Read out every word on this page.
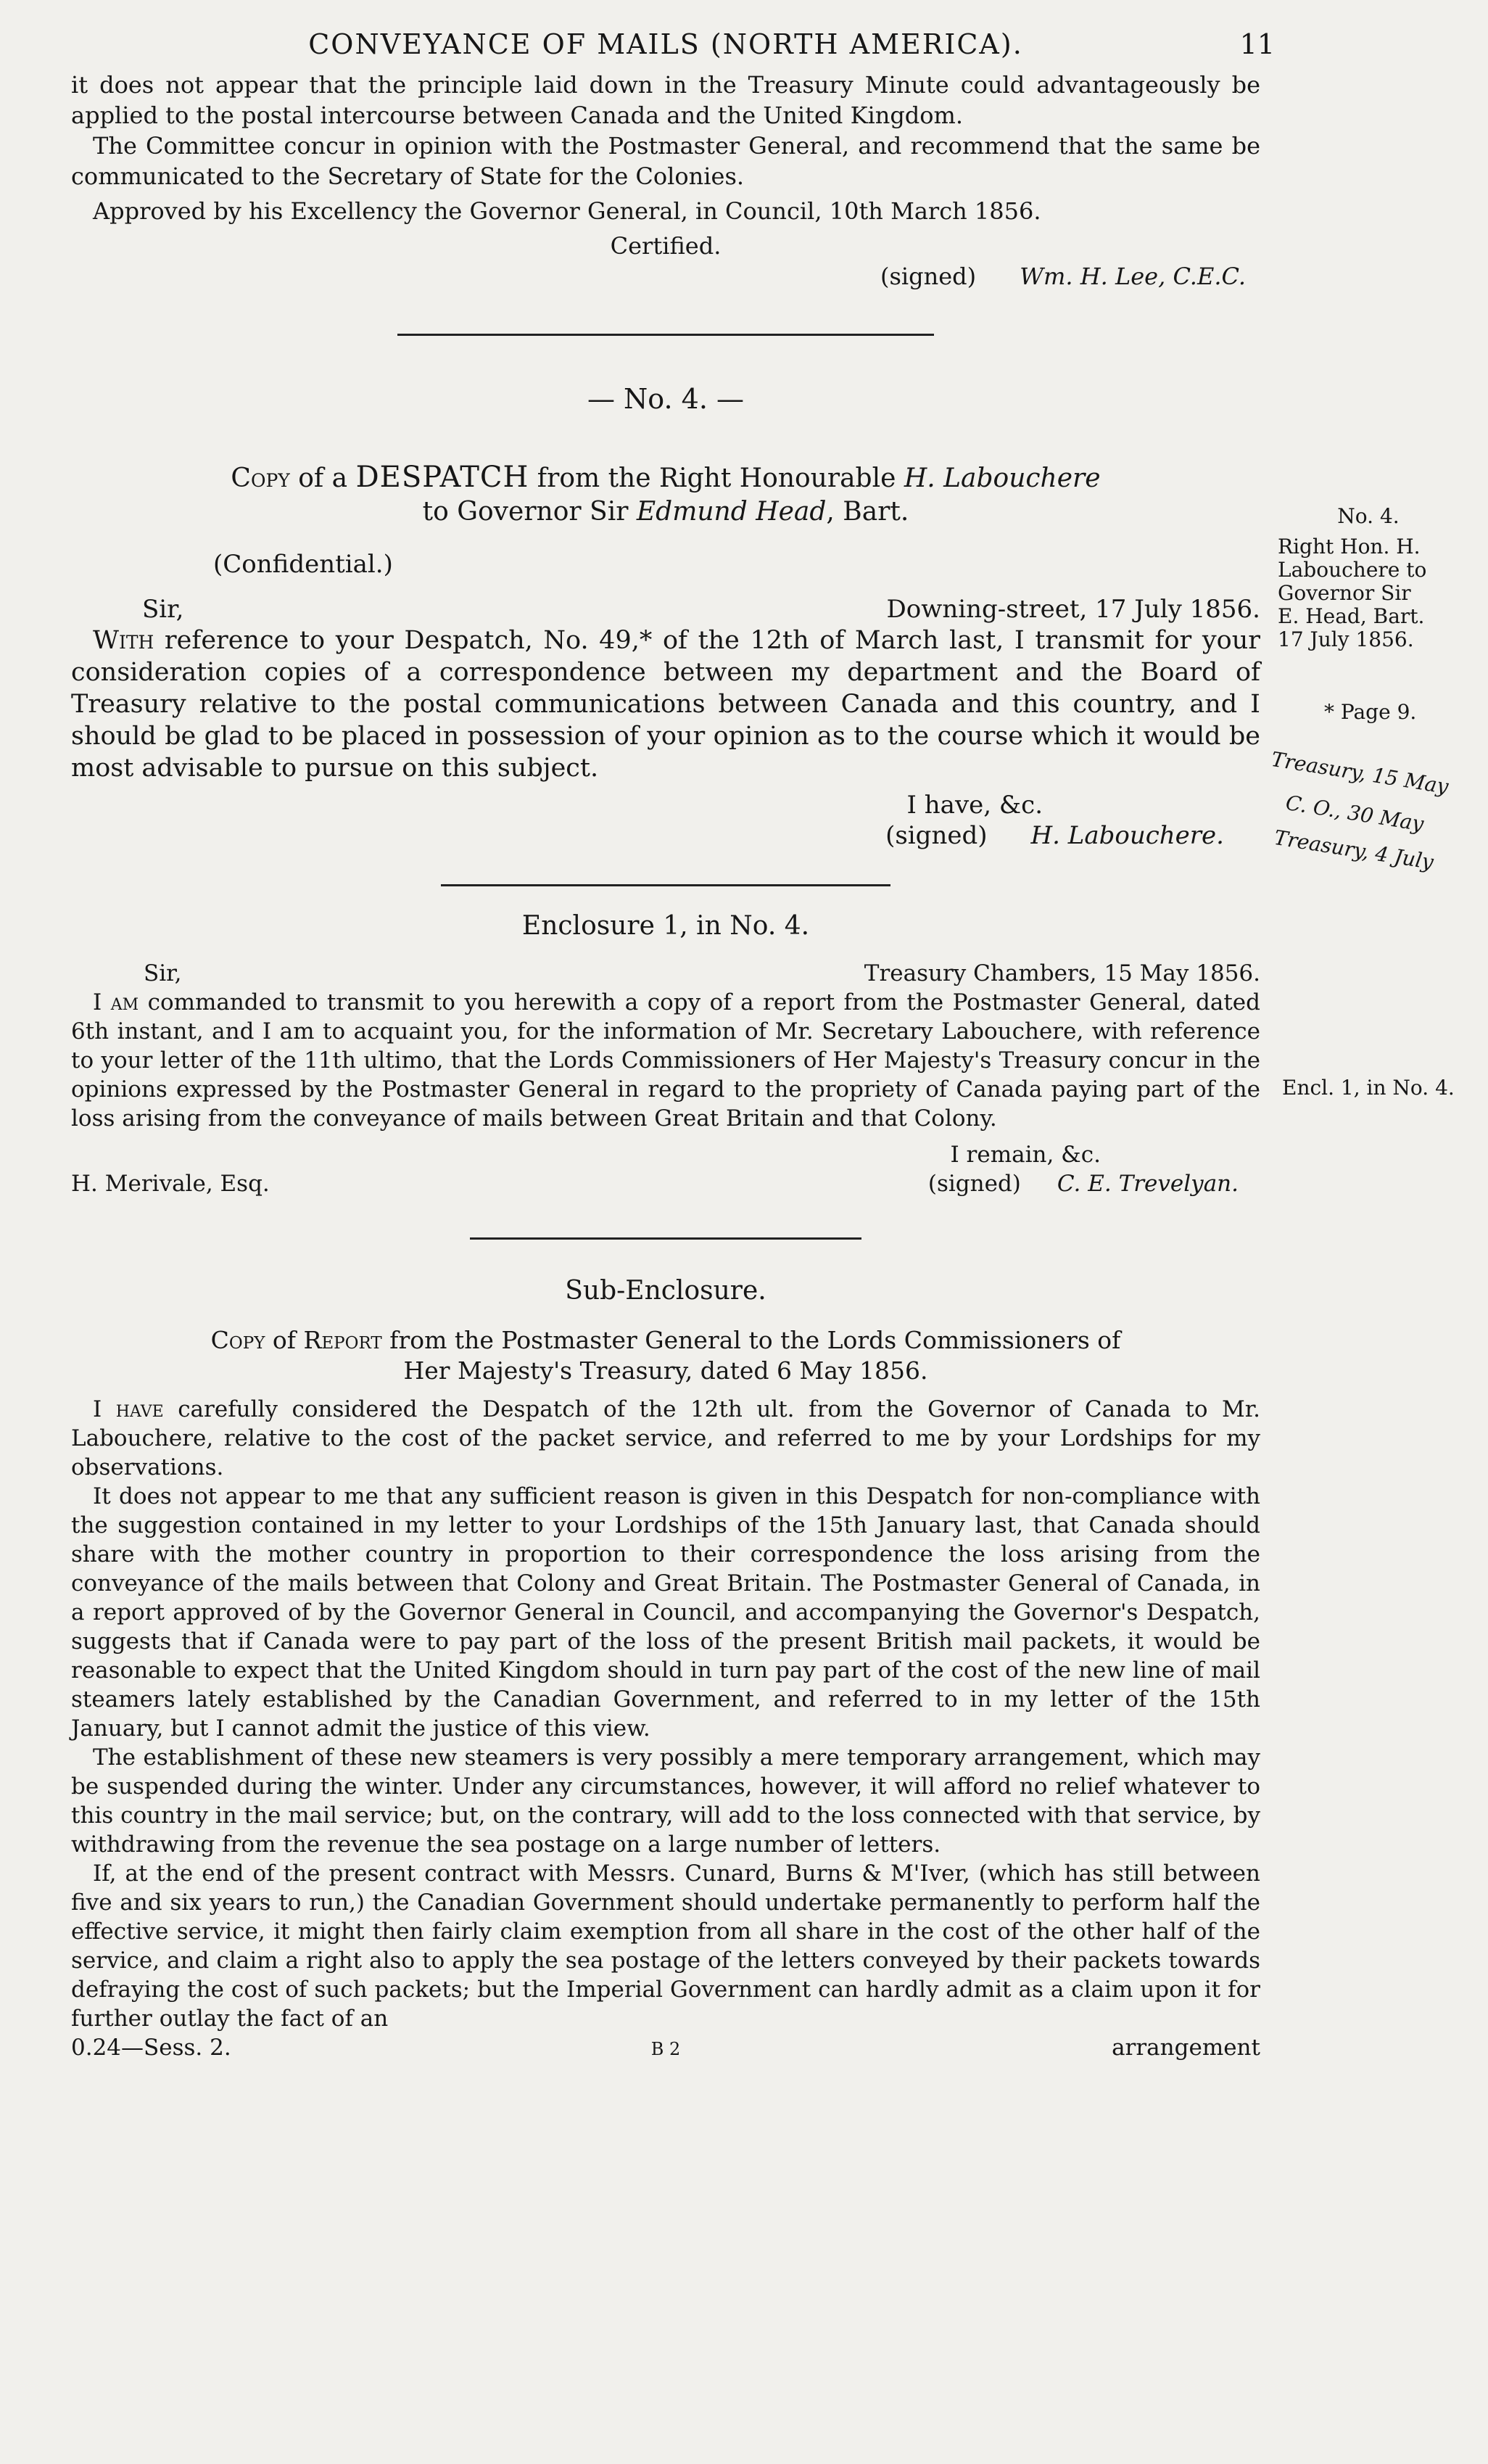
CONVEYANCE OF MAILS (NORTH AMERICA).	11

it does not appear that the principle laid down in the Treasury Minute could advantageously be applied to the postal intercourse between Canada and the United Kingdom.

The Committee concur in opinion with the Postmaster General, and recommend that the same be communicated to the Secretary of State for the Colonies.

Approved by his Excellency the Governor General, in Council, 10th March 1856.

Certified.

(signed) Wm. H. Lee, C.E.C.
— No. 4. —
Copy of a DESPATCH from the Right Honourable H. Labouchere
to Governor Sir Edmund Head, Bart.
(Confidential.)
Sir,	Downing-street, 17 July 1856.

With reference to your Despatch, No. 49,* of the 12th of March last, I transmit for your consideration copies of a correspondence between my department and the Board of Treasury relative to the postal communications between Canada and this country, and I should be glad to be placed in possession of your opinion as to the course which it would be most advisable to pursue on this subject.

I have, &c.

(signed) H. Labouchere.
Enclosure 1, in No. 4.
Sir,	Treasury Chambers, 15 May 1856.

I am commanded to transmit to you herewith a copy of a report from the Postmaster General, dated 6th instant, and I am to acquaint you, for the information of Mr. Secretary Labouchere, with reference to your letter of the 11th ultimo, that the Lords Commissioners of Her Majesty's Treasury concur in the opinions expressed by the Postmaster General in regard to the propriety of Canada paying part of the loss arising from the conveyance of mails between Great Britain and that Colony.

I remain, &c.

H. Merivale, Esq.	(signed) C. E. Trevelyan.
Sub-Enclosure.
Copy of Report from the Postmaster General to the Lords Commissioners of
Her Majesty's Treasury, dated 6 May 1856.

I have carefully considered the Despatch of the 12th ult. from the Governor of Canada to Mr. Labouchere, relative to the cost of the packet service, and referred to me by your Lordships for my observations.

It does not appear to me that any sufficient reason is given in this Despatch for non-compliance with the suggestion contained in my letter to your Lordships of the 15th January last, that Canada should share with the mother country in proportion to their correspondence the loss arising from the conveyance of the mails between that Colony and Great Britain. The Postmaster General of Canada, in a report approved of by the Governor General in Council, and accompanying the Governor's Despatch, suggests that if Canada were to pay part of the loss of the present British mail packets, it would be reasonable to expect that the United Kingdom should in turn pay part of the cost of the new line of mail steamers lately established by the Canadian Government, and referred to in my letter of the 15th January, but I cannot admit the justice of this view.

The establishment of these new steamers is very possibly a mere temporary arrangement, which may be suspended during the winter. Under any circumstances, however, it will afford no relief whatever to this country in the mail service; but, on the contrary, will add to the loss connected with that service, by withdrawing from the revenue the sea postage on a large number of letters.

If, at the end of the present contract with Messrs. Cunard, Burns & M'Iver, (which has still between five and six years to run,) the Canadian Government should undertake permanently to perform half the effective service, it might then fairly claim exemption from all share in the cost of the other half of the service, and claim a right also to apply the sea postage of the letters conveyed by their packets towards defraying the cost of such packets; but the Imperial Government can hardly admit as a claim upon it for further outlay the fact of an

0.24—Sess. 2.	B 2	arrangement
No. 4.
Right Hon. H.
Labouchere to
Governor Sir
E. Head, Bart.
17 July 1856.
* Page 9.
Treasury, 15 May
C. O., 30 May
Treasury, 4 July
Encl. 1, in No. 4.
